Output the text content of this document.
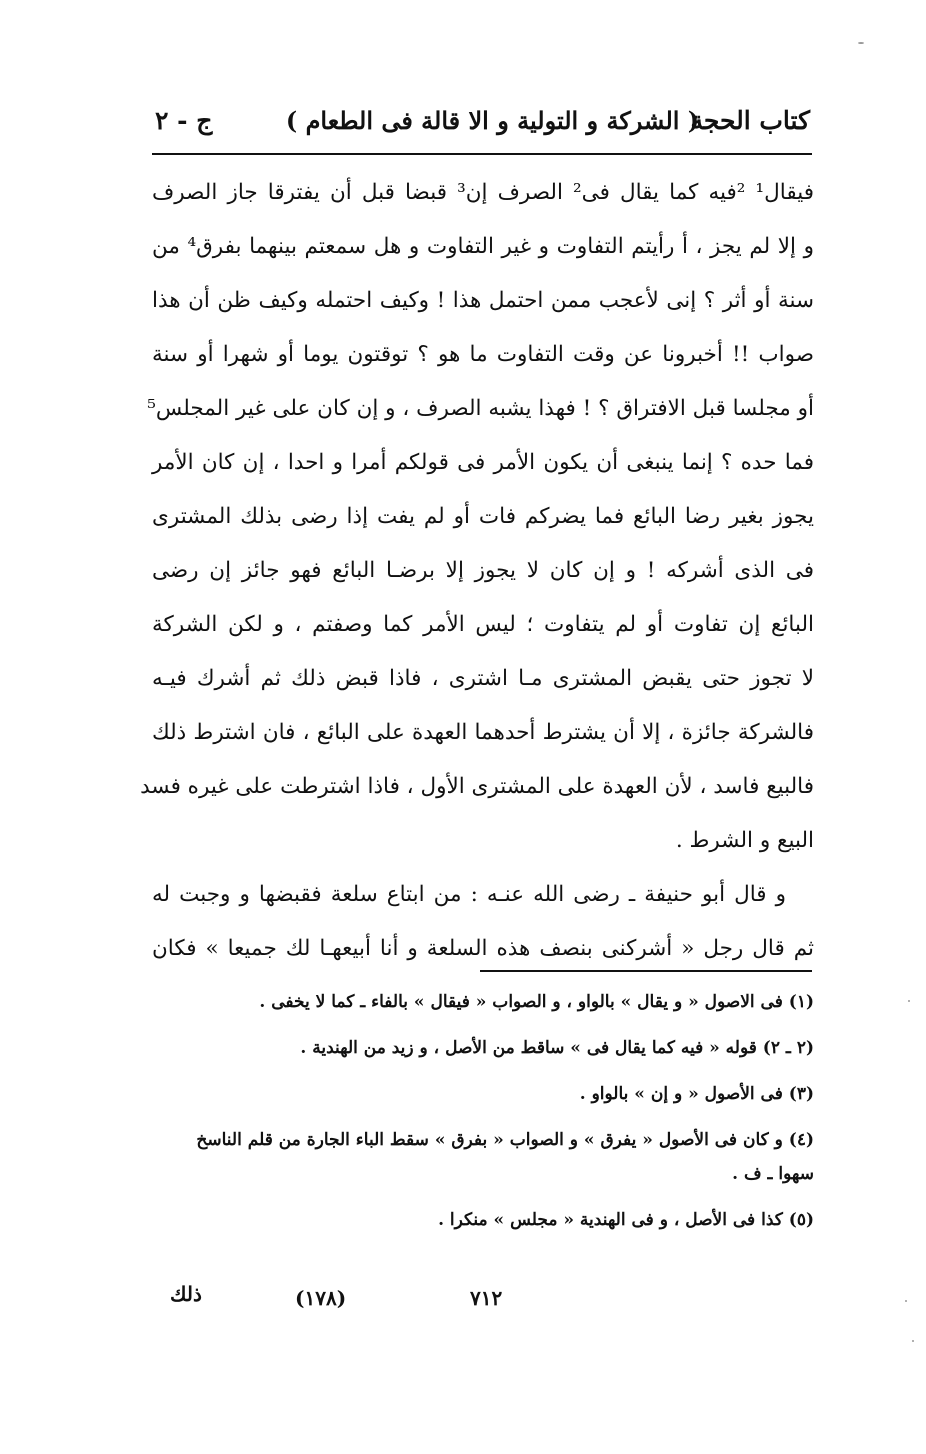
كتاب الحجة
( الشركة و التولية و الا قالة فى الطعام )
ج - ٢
فيقال¹ ²فيه كما يقال فى² الصرف إن³ قبضا قبل أن يفترقا جاز الصرف
و إلا لم يجز ، أ رأيتم التفاوت و غير التفاوت و هل سمعتم بينهما بفرق⁴ من
سنة أو أثر ؟ إنى لأعجب ممن احتمل هذا ! وكيف احتمله وكيف ظن أن هذا
صواب !! أخبرونا عن وقت التفاوت ما هو ؟ توقتون يوما أو شهرا أو سنة
أو مجلسا قبل الافتراق ؟ ! فهذا يشبه الصرف ، و إن كان على غير المجلس⁵
فما حده ؟ إنما ينبغى أن يكون الأمر فى قولكم أمرا و احدا ، إن كان الأمر
يجوز بغير رضا البائع فما يضركم فات أو لم يفت إذا رضى بذلك المشترى
فى الذى أشركه ! و إن كان لا يجوز إلا برضـا البائع فهو جائز إن رضى
البائع إن تفاوت أو لم يتفاوت ؛ ليس الأمر كما وصفتم ، و لكن الشركة
لا تجوز حتى يقبض المشترى مـا اشترى ، فاذا قبض ذلك ثم أشرك فيـه
فالشركة جائزة ، إلا أن يشترط أحدهما العهدة على البائع ، فان اشترط ذلك
فالبيع فاسد ، لأن العهدة على المشترى الأول ، فاذا اشترطت على غيره فسد
البيع و الشرط .
و قال أبو حنيفة ـ رضى الله عنـه : من ابتاع سلعة فقبضها و وجبت له
ثم قال رجل « أشركنى بنصف هذه السلعة و أنا أبيعهـا لك جميعا » فكان
(١) فى الاصول « و يقال » بالواو ، و الصواب « فيقال » بالفاء ـ كما لا يخفى .
(٢ ـ ٢) قوله « فيه كما يقال فى » ساقط من الأصل ، و زيد من الهندية .
(٣) فى الأصول « و إن » بالواو .
(٤) و كان فى الأصول « يفرق » و الصواب « بفرق » سقط الباء الجارة من قلم الناسخ
سهوا ـ ف .
(٥) كذا فى الأصل ، و فى الهندية « مجلس » منكرا .
ذلك	(١٧٨)	٧١٢
